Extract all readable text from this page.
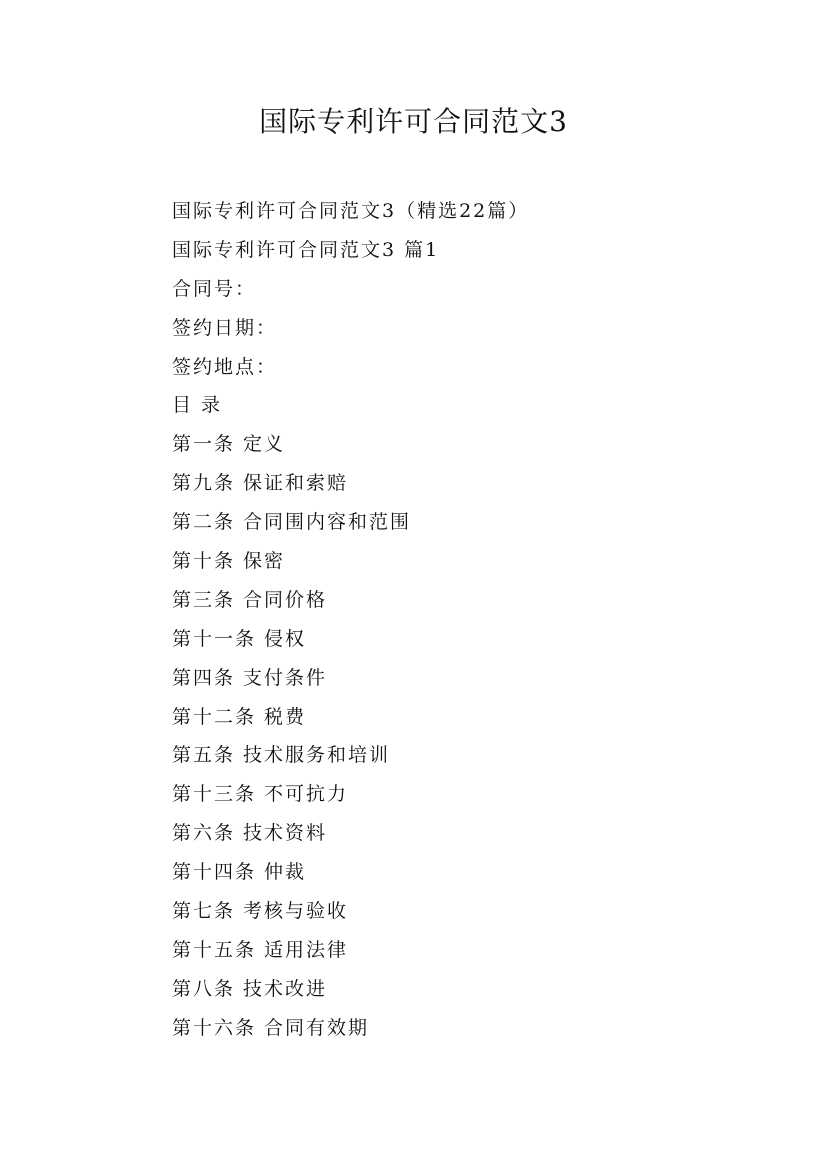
国际专利许可合同范文3
国际专利许可合同范文3（精选22篇）
国际专利许可合同范文3 篇1
合同号：
签约日期：
签约地点：
目 录
第一条 定义
第九条 保证和索赔
第二条 合同围内容和范围
第十条 保密
第三条 合同价格
第十一条 侵权
第四条 支付条件
第十二条 税费
第五条 技术服务和培训
第十三条 不可抗力
第六条 技术资料
第十四条 仲裁
第七条 考核与验收
第十五条 适用法律
第八条 技术改进
第十六条 合同有效期
